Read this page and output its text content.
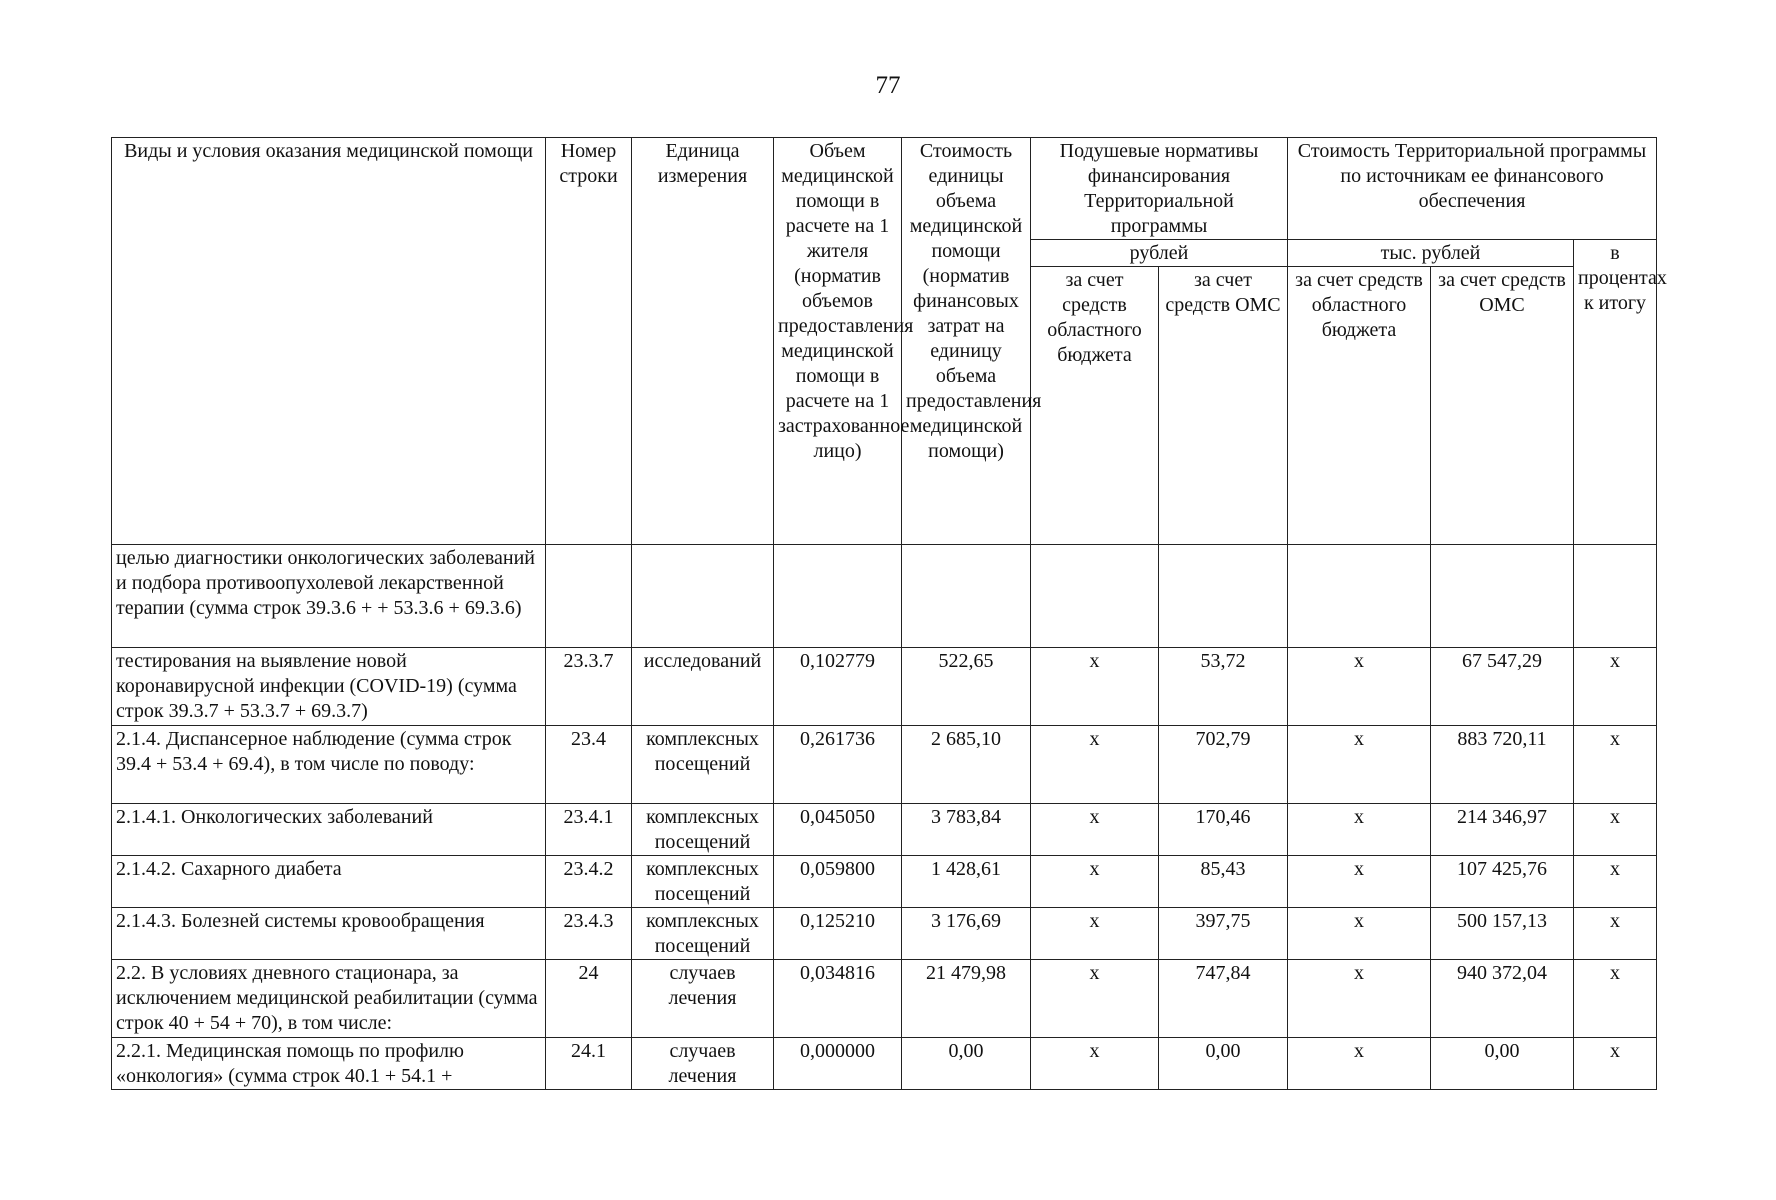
77
Виды и условия оказания медицинской помощи	Номер строки	Единица измерения	Объем медицинской помощи в расчете на 1 жителя (норматив объемов предоставления медицинской помощи в расчете на 1 застрахованное лицо)	Стоимость единицы объема медицинской помощи (норматив финансовых затрат на единицу объема предоставления медицинской помощи)	Подушевые нормативы финансирования Территориальной программы		Стоимость Территориальной программы по источникам ее финансового обеспечения		
					рублей		тыс. рублей		в процентах к итогу
					за счет средств областного бюджета	за счет средств ОМС	за счет средств областного бюджета	за счет средств ОМС	
целью диагностики онкологических заболеваний и подбора противоопухолевой лекарственной терапии (сумма строк 39.3.6 + + 53.3.6 + 69.3.6)									
тестирования на выявление новой коронавирусной инфекции (COVID-19) (сумма строк 39.3.7 + 53.3.7 + 69.3.7)	23.3.7	исследований	0,102779	522,65	х	53,72	х	67 547,29	х
2.1.4. Диспансерное наблюдение (сумма строк 39.4 + 53.4 + 69.4), в том числе по поводу:	23.4	комплексных посещений	0,261736	2 685,10	х	702,79	х	883 720,11	х
2.1.4.1. Онкологических заболеваний	23.4.1	комплексных посещений	0,045050	3 783,84	х	170,46	х	214 346,97	х
2.1.4.2. Сахарного диабета	23.4.2	комплексных посещений	0,059800	1 428,61	х	85,43	х	107 425,76	х
2.1.4.3. Болезней системы кровообращения	23.4.3	комплексных посещений	0,125210	3 176,69	х	397,75	х	500 157,13	х
2.2. В условиях дневного стационара, за исключением медицинской реабилитации (сумма строк 40 + 54 + 70), в том числе:	24	случаев лечения	0,034816	21 479,98	х	747,84	х	940 372,04	х
2.2.1. Медицинская помощь по профилю «онкология» (сумма строк 40.1 + 54.1 +	24.1	случаев лечения	0,000000	0,00	х	0,00	х	0,00	х
